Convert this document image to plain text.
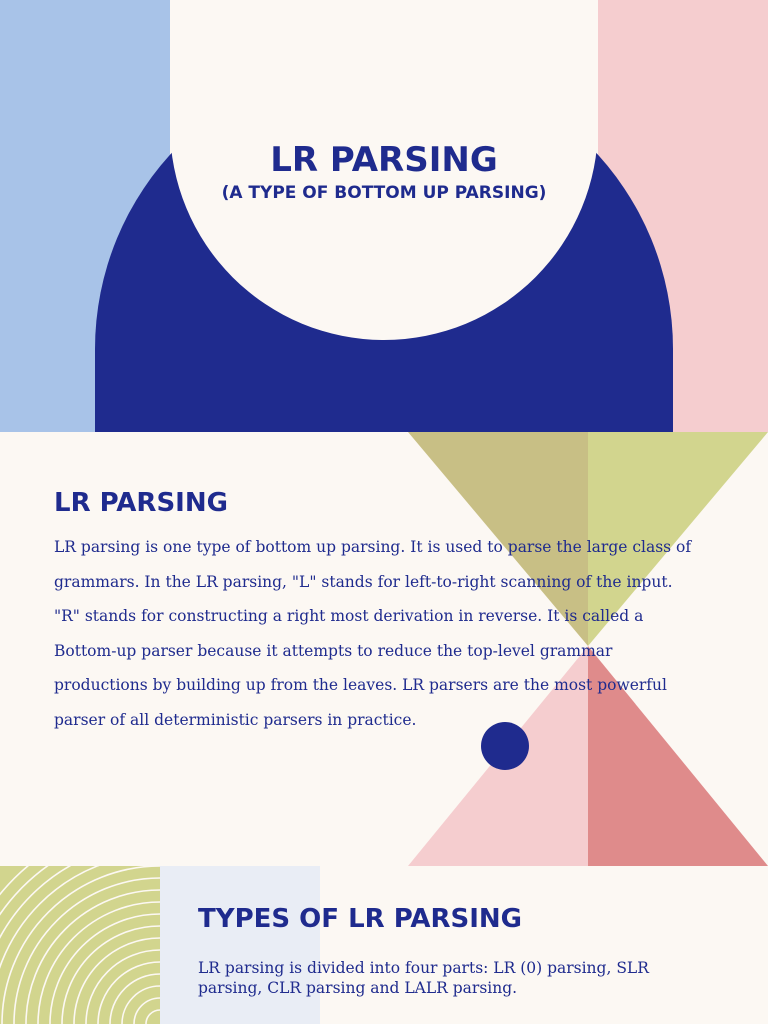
LR PARSING
(A TYPE OF BOTTOM UP PARSING)
LR PARSING

LR parsing is one type of bottom up parsing. It is used to parse the large class of grammars. In the LR parsing, "L" stands for left-to-right scanning of the input. "R" stands for constructing a right most derivation in reverse. It is called a Bottom-up parser because it attempts to reduce the top-level grammar productions by building up from the leaves. LR parsers are the most powerful parser of all deterministic parsers in practice.

TYPES OF LR PARSING

LR parsing is divided into four parts: LR (0) parsing, SLR parsing, CLR parsing and LALR parsing.
